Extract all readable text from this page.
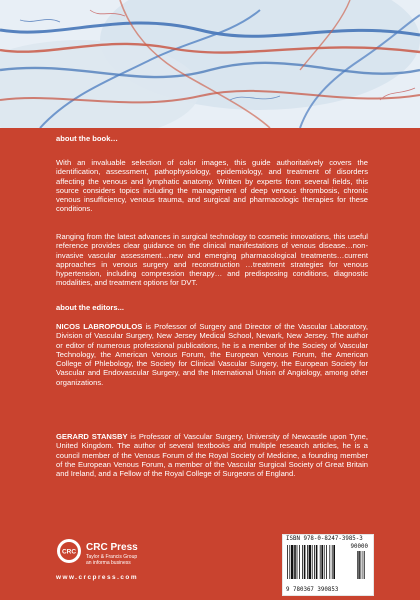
about the book…

With an invaluable selection of color images, this guide authoritatively covers the identification, assessment, pathophysiology, epidemiology, and treatment of disorders affecting the venous and lymphatic anatomy. Written by experts from several fields, this source considers topics including the management of deep venous thrombosis, chronic venous insufficiency, venous trauma, and surgical and pharmacologic therapies for these conditions.

Ranging from the latest advances in surgical technology to cosmetic innovations, this useful reference provides clear guidance on the clinical manifestations of venous disease…non-invasive vascular assessment…new and emerging pharmacological treatments…current approaches in venous surgery and reconstruction …treatment strategies for venous hypertension, including compression therapy… and predisposing conditions, diagnostic modalities, and treatment options for DVT.

about the editors...

NICOS LABROPOULOS is Professor of Surgery and Director of the Vascular Laboratory, Division of Vascular Surgery, New Jersey Medical School, Newark, New Jersey. The author or editor of numerous professional publications, he is a member of the Society of Vascular Technology, the American Venous Forum, the European Venous Forum, the American College of Phlebology, the Society for Clinical Vascular Surgery, the European Society for Vascular and Endovascular Surgery, and the International Union of Angiology, among other organizations.

GERARD STANSBY is Professor of Vascular Surgery, University of Newcastle upon Tyne, United Kingdom. The author of several textbooks and multiple research articles, he is a council member of the Venous Forum of the Royal Society of Medicine, a founding member of the European Venous Forum, a member of the Vascular Surgical Society of Great Britain and Ireland, and a Fellow of the Royal College of Surgeons of England.

CRC CRC Press
Taylor & Francis Group
an informa business
www.crcpress.com
ISBN 978-0-8247-3985-3
90000
9 780367 390853
